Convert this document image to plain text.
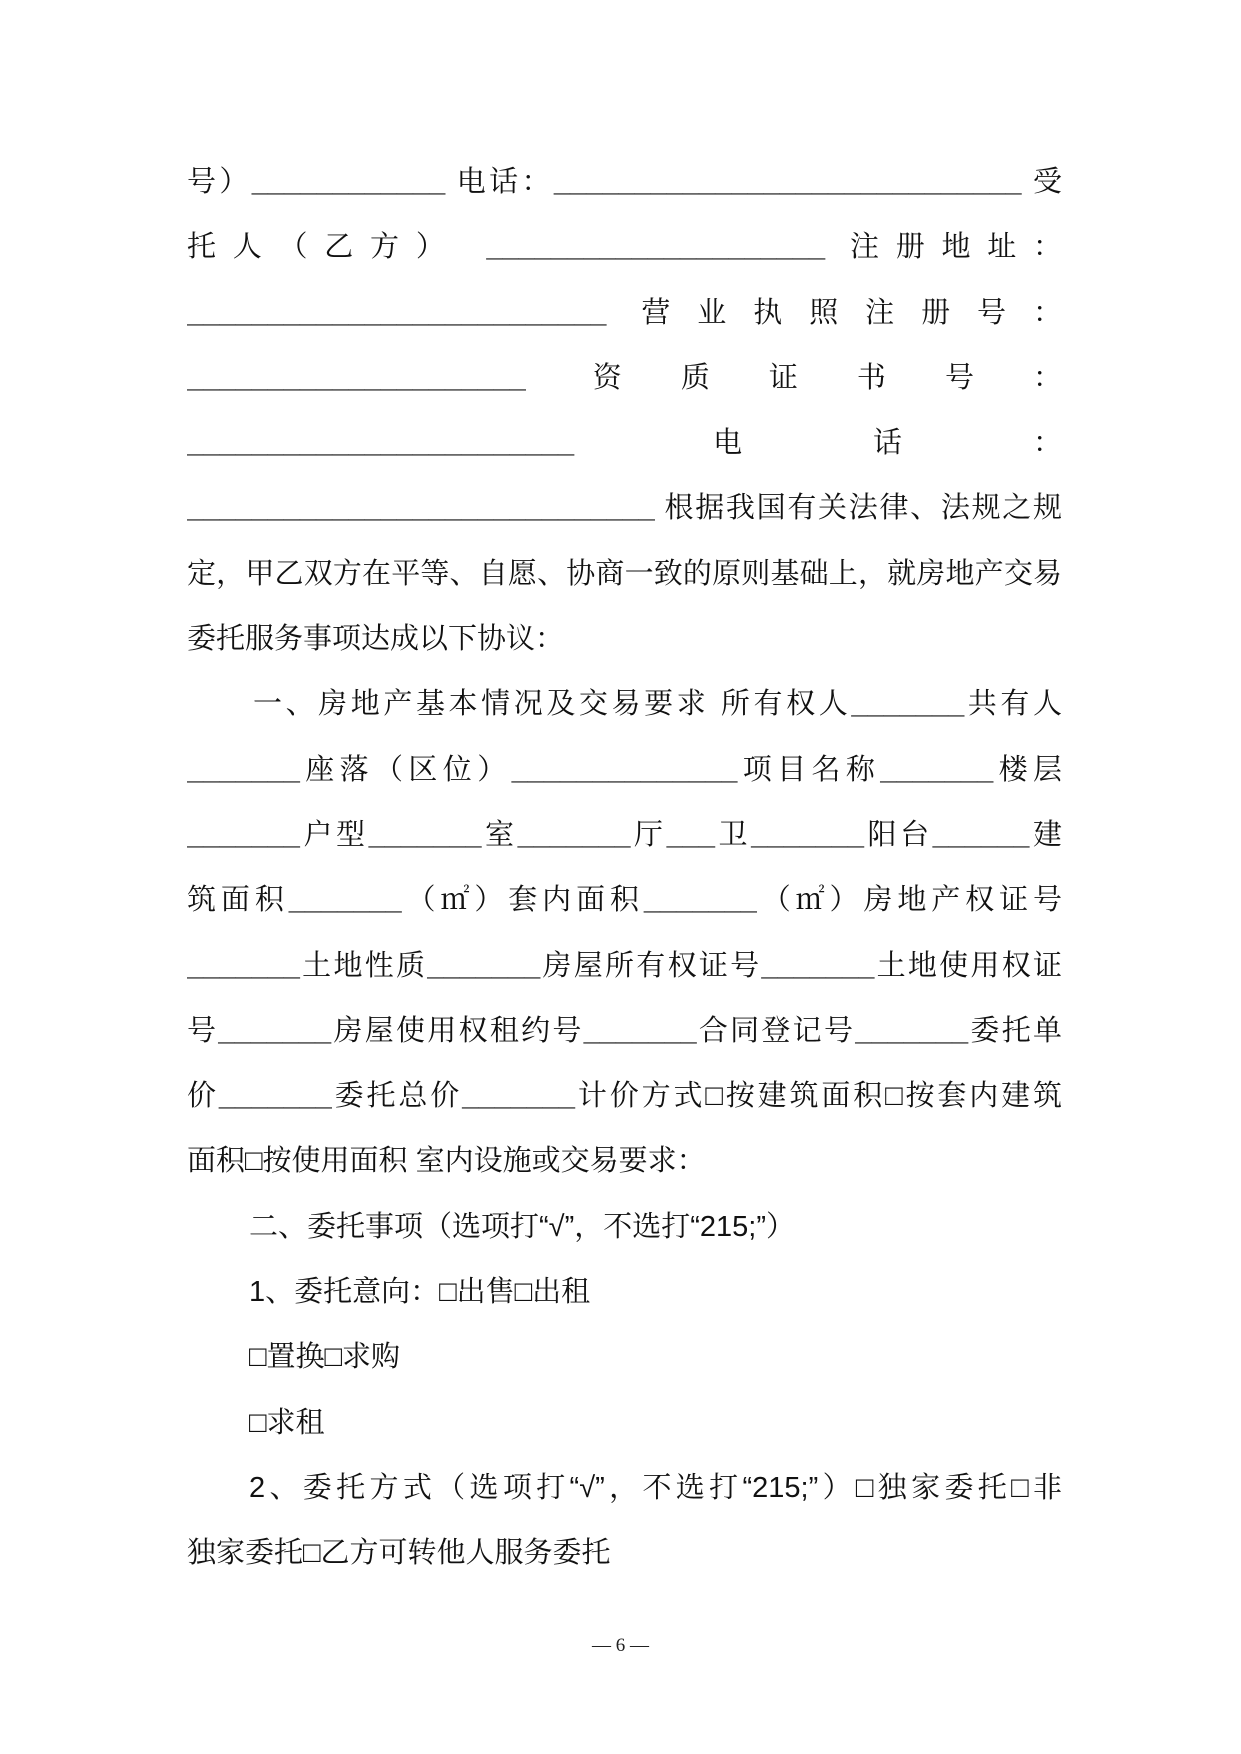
号）____________ 电话：_____________________________ 受
托人（乙方） _____________________ 注册地址：
__________________________ 营业执照注册号：
_____________________ 资质证书号：
________________________ 电话：
_____________________________ 根据我国有关法律、法规之规
定，甲乙双方在平等、自愿、协商一致的原则基础上，就房地产交易
委托服务事项达成以下协议：
一、房地产基本情况及交易要求 所有权人_______共有人
_______座落（区位）______________项目名称_______楼层
_______户型_______室_______厅___卫_______阳台______建
筑面积_______（㎡）套内面积_______（㎡）房地产权证号
_______土地性质_______房屋所有权证号_______土地使用权证
号_______房屋使用权租约号_______合同登记号_______委托单
价_______委托总价_______计价方式□按建筑面积□按套内建筑
面积□按使用面积 室内设施或交易要求：
二、委托事项（选项打“√”，不选打“215;”）
1、委托意向：□出售□出租
□置换□求购
□求租
2、委托方式（选项打“√”，不选打“215;”）□独家委托□非
独家委托□乙方可转他人服务委托
— 6 —
